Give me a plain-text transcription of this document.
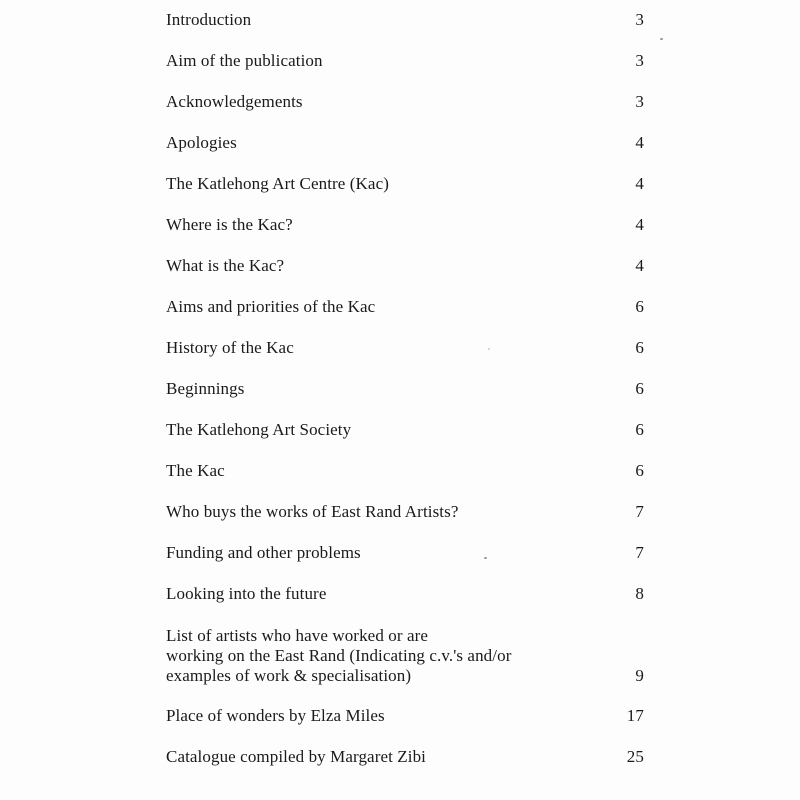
Introduction	3
Aim of the publication	3
Acknowledgements	3
Apologies	4
The Katlehong Art Centre (Kac)	4
Where is the Kac?	4
What is the Kac?	4
Aims and priorities of the Kac	6
History of the Kac	6
Beginnings	6
The Katlehong Art Society	6
The Kac	6
Who buys the works of East Rand Artists?	7
Funding and other problems	7
Looking into the future	8
List of artists who have worked or are
working on the East Rand (Indicating c.v.'s and/or
examples of work & specialisation)	9
Place of wonders by Elza Miles	17
Catalogue compiled by Margaret Zibi	25
